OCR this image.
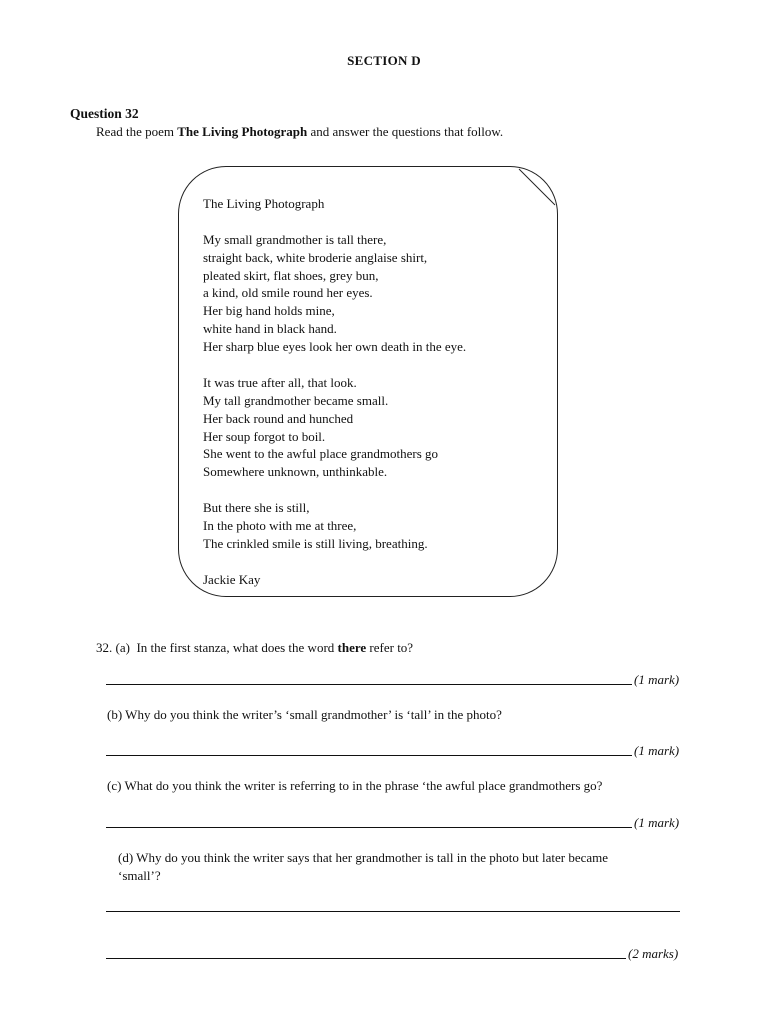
SECTION D
Question 32
Read the poem The Living Photograph and answer the questions that follow.
The Living Photograph
My small grandmother is tall there,
straight back, white broderie anglaise shirt,
pleated skirt, flat shoes, grey bun,
a kind, old smile round her eyes.
Her big hand holds mine,
white hand in black hand.
Her sharp blue eyes look her own death in the eye.
It was true after all, that look.
My tall grandmother became small.
Her back round and hunched
Her soup forgot to boil.
She went to the awful place grandmothers go
Somewhere unknown, unthinkable.
But there she is still,
In the photo with me at three,
The crinkled smile is still living, breathing.
Jackie Kay
32. (a) In the first stanza, what does the word there refer to?
(1 mark)
(b) Why do you think the writer’s ‘small grandmother’ is ‘tall’ in the photo?
(1 mark)
(c) What do you think the writer is referring to in the phrase ‘the awful place grandmothers go?
(1 mark)
(d) Why do you think the writer says that her grandmother is tall in the photo but later became
‘small’?
(2 marks)
